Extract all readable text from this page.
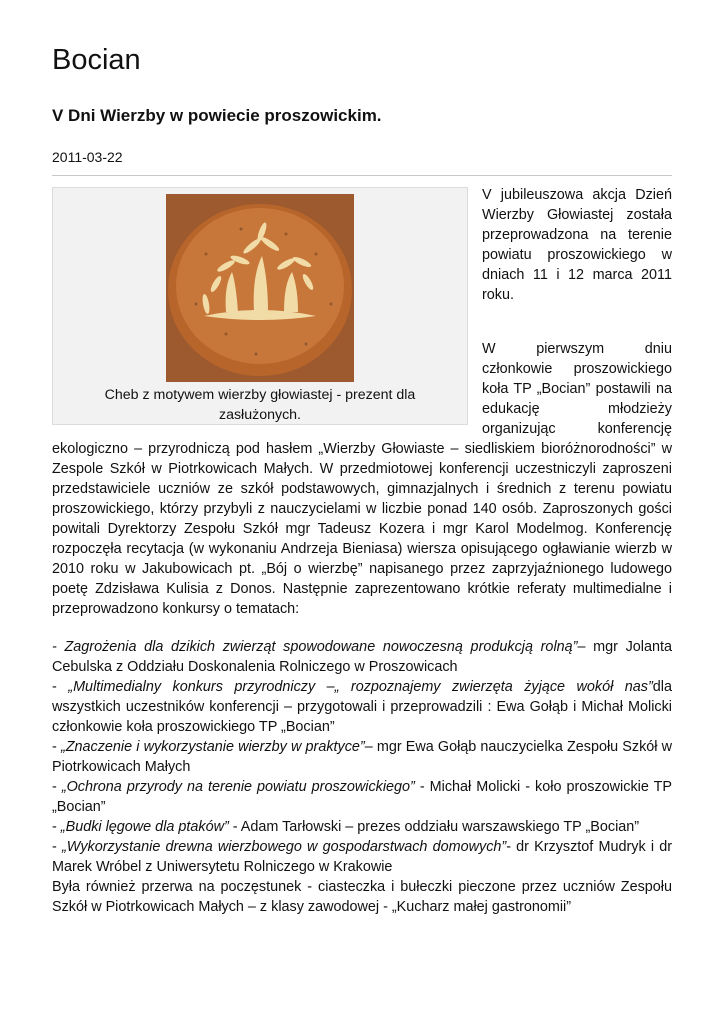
Bocian
V Dni Wierzby w powiecie proszowickim.
2011-03-22
Cheb z motywem wierzby głowiastej - prezent dla zasłużonych.

V jubileuszowa akcja Dzień Wierzby Głowiastej została przeprowadzona na terenie powiatu proszowickiego w dniach 11 i 12 marca 2011 roku.

W pierwszym dniu członkowie proszowickiego koła TP „Bocian” postawili na edukację młodzieży organizując konferencję ekologiczno – przyrodniczą pod hasłem „Wierzby Głowiaste – siedliskiem bioróżnorodności” w Zespole Szkół w Piotrkowicach Małych. W przedmiotowej konferencji uczestniczyli zaproszeni przedstawiciele uczniów ze szkół podstawowych, gimnazjalnych i średnich z terenu powiatu proszowickiego, którzy przybyli z nauczycielami w liczbie ponad 140 osób. Zaproszonych gości powitali Dyrektorzy Zespołu Szkół mgr Tadeusz Kozera i mgr Karol Modelmog. Konferencję rozpoczęła recytacja (w wykonaniu Andrzeja Bieniasa) wiersza opisującego ogławianie wierzb w 2010 roku w Jakubowicach pt. „Bój o wierzbę” napisanego przez zaprzyjaźnionego ludowego poetę Zdzisława Kulisia z Donos. Następnie zaprezentowano krótkie referaty multimedialne i przeprowadzono konkursy o tematach:

- Zagrożenia dla dzikich zwierząt spowodowane nowoczesną produkcją rolną”– mgr Jolanta Cebulska z Oddziału Doskonalenia Rolniczego w Proszowicach
- „Multimedialny konkurs przyrodniczy –„ rozpoznajemy zwierzęta żyjące wokół nas”dla wszystkich uczestników konferencji – przygotowali i przeprowadzili : Ewa Gołąb i Michał Molicki członkowie koła proszowickiego TP „Bocian”
- „Znaczenie i wykorzystanie wierzby w praktyce”– mgr Ewa Gołąb nauczycielka Zespołu Szkół w Piotrkowicach Małych
- „Ochrona przyrody na terenie powiatu proszowickiego” - Michał Molicki - koło proszowickie TP „Bocian”
- „Budki lęgowe dla ptaków” - Adam Tarłowski – prezes oddziału warszawskiego TP „Bocian”
- „Wykorzystanie drewna wierzbowego w gospodarstwach domowych”- dr Krzysztof Mudryk i dr Marek Wróbel z Uniwersytetu Rolniczego w Krakowie
Była również przerwa na poczęstunek - ciasteczka i bułeczki pieczone przez uczniów Zespołu Szkół w Piotrkowicach Małych – z klasy zawodowej - „Kucharz małej gastronomii”
